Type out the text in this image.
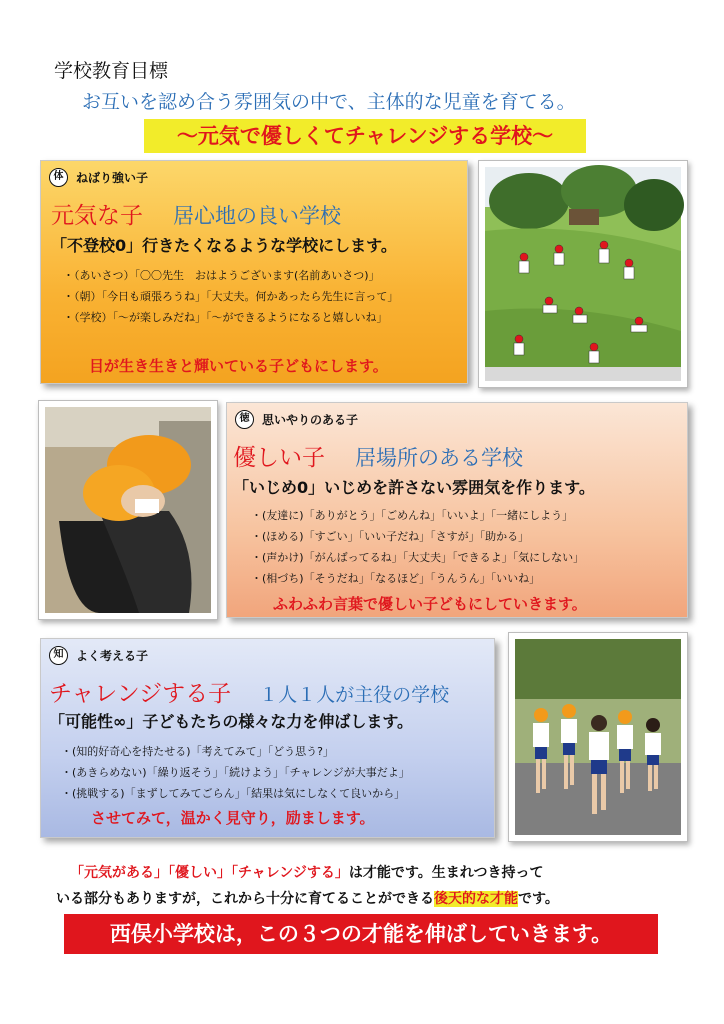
学校教育目標
お互いを認め合う雰囲気の中で、主体的な児童を育てる。
～元気で優しくてチャレンジする学校～
体 ねばり強い子
元気な子 居心地の良い学校
「不登校0」行きたくなるような学校にします。
・（あいさつ）「〇〇先生　おはようございます(名前あいさつ)」
・（朝）「今日も頑張ろうね」「大丈夫。何かあったら先生に言って」
・（学校）「～が楽しみだね」「～ができるようになると嬉しいね」
目が生き生きと輝いている子どもにします。
徳 思いやりのある子
優しい子 居場所のある学校
「いじめ0」いじめを許さない雰囲気を作ります。
・(友達に)「ありがとう」「ごめんね」「いいよ」「一緒にしよう」
・(ほめる)「すごい」「いい子だね」「さすが」「助かる」
・(声かけ)「がんばってるね」「大丈夫」「できるよ」「気にしない」
・(相づち)「そうだね」「なるほど」「うんうん」「いいね」
ふわふわ言葉で優しい子どもにしていきます。
知 よく考える子
チャレンジする子 １人１人が主役の学校
「可能性∞」子どもたちの様々な力を伸ばします。
・(知的好奇心を持たせる)「考えてみて」「どう思う?」
・(あきらめない)「繰り返そう」「続けよう」「チャレンジが大事だよ」
・(挑戦する)「まずしてみてごらん」「結果は気にしなくて良いから」
させてみて，温かく見守り，励まします。
「元気がある」「優しい」「チャレンジする」は才能です。生まれつき持って
いる部分もありますが，これから十分に育てることができる後天的な才能です。
西俣小学校は，この３つの才能を伸ばしていきます。
